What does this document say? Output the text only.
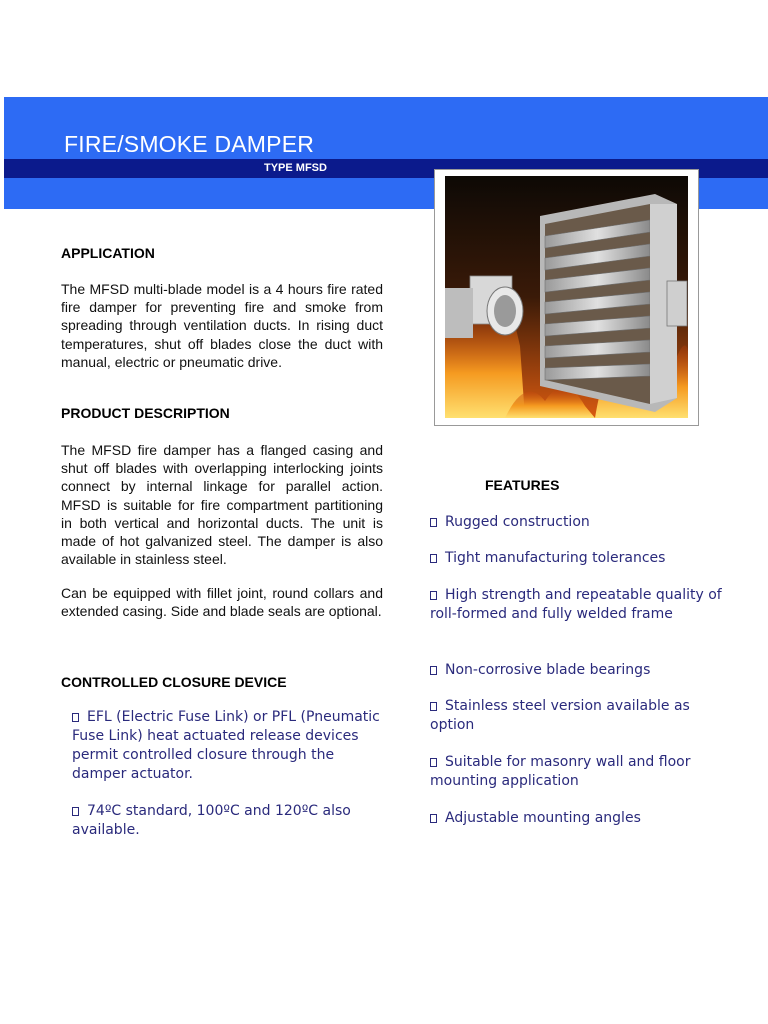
FIRE/SMOKE DAMPER
TYPE MFSD
APPLICATION
The MFSD multi-blade model is a 4 hours fire rated fire damper for preventing fire and smoke from spreading through ventilation ducts. In rising duct temperatures, shut off blades close the duct with manual, electric or pneumatic drive.
PRODUCT DESCRIPTION
The MFSD fire damper has a flanged casing and shut off blades with overlapping interlocking joints connect by internal linkage for parallel action. MFSD is suitable for fire compartment partitioning in both vertical and horizontal ducts. The unit is made of hot galvanized steel. The damper is also available in stainless steel.
Can be equipped with fillet joint, round collars and extended casing. Side and blade seals are optional.
CONTROLLED CLOSURE DEVICE
EFL (Electric Fuse Link) or PFL (Pneumatic Fuse Link) heat actuated release devices permit controlled closure through the damper actuator.
74ºC standard, 100ºC and 120ºC also available.
FEATURES
Rugged construction
Tight manufacturing tolerances
High strength and repeatable quality of roll-formed and fully welded frame
Non-corrosive blade bearings
Stainless steel version available as option
Suitable for masonry wall and floor mounting application
Adjustable mounting angles
